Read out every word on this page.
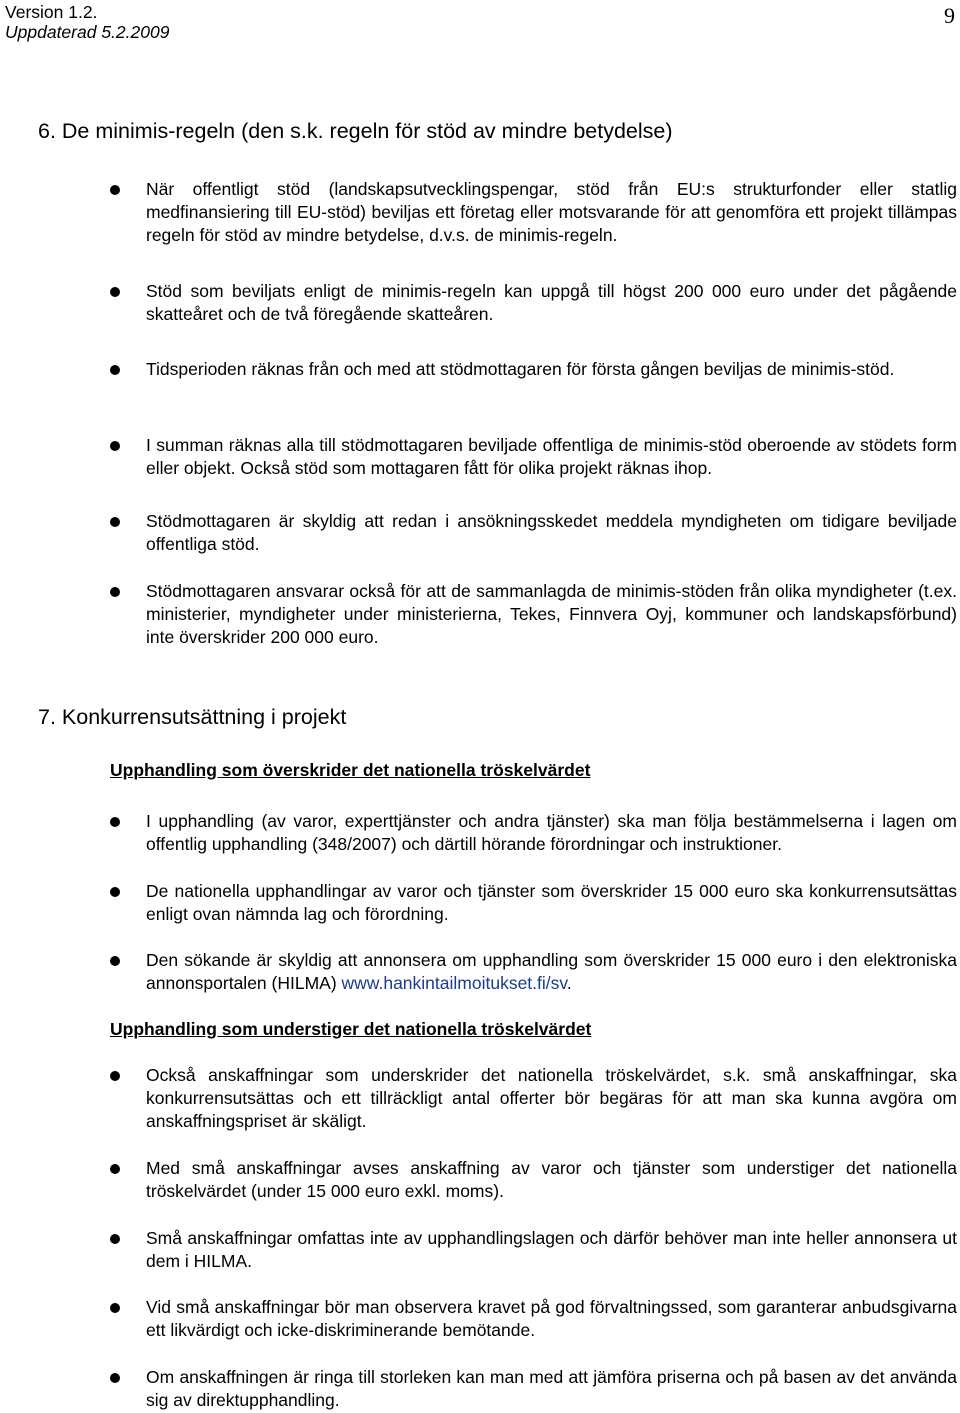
Version 1.2.
Uppdaterad 5.2.2009
9
6. De minimis-regeln (den s.k. regeln för stöd av mindre betydelse)
När offentligt stöd (landskapsutvecklingspengar, stöd från EU:s strukturfonder eller statlig medfinansiering till EU-stöd) beviljas ett företag eller motsvarande för att genomföra ett projekt tillämpas regeln för stöd av mindre betydelse, d.v.s. de minimis-regeln.
Stöd som beviljats enligt de minimis-regeln kan uppgå till högst 200 000 euro under det pågående skatteåret och de två föregående skatteåren.
Tidsperioden räknas från och med att stödmottagaren för första gången beviljas de minimis-stöd.
I summan räknas alla till stödmottagaren beviljade offentliga de minimis-stöd oberoende av stödets form eller objekt. Också stöd som mottagaren fått för olika projekt räknas ihop.
Stödmottagaren är skyldig att redan i ansökningsskedet meddela myndigheten om tidigare beviljade offentliga stöd.
Stödmottagaren ansvarar också för att de sammanlagda de minimis-stöden från olika myndigheter (t.ex. ministerier, myndigheter under ministerierna, Tekes, Finnvera Oyj, kommuner och landskapsförbund) inte överskrider 200 000 euro.
7. Konkurrensutsättning i projekt
Upphandling som överskrider det nationella tröskelvärdet
I upphandling (av varor, experttjänster och andra tjänster) ska man följa bestämmelserna i lagen om offentlig upphandling (348/2007) och därtill hörande förordningar och instruktioner.
De nationella upphandlingar av varor och tjänster som överskrider 15 000 euro ska konkurrensutsättas enligt ovan nämnda lag och förordning.
Den sökande är skyldig att annonsera om upphandling som överskrider 15 000 euro i den elektroniska annonsportalen (HILMA) www.hankintailmoitukset.fi/sv.
Upphandling som understiger det nationella tröskelvärdet
Också anskaffningar som underskrider det nationella tröskelvärdet, s.k. små anskaffningar, ska konkurrensutsättas och ett tillräckligt antal offerter bör begäras för att man ska kunna avgöra om anskaffningspriset är skäligt.
Med små anskaffningar avses anskaffning av varor och tjänster som understiger det nationella tröskelvärdet (under 15 000 euro exkl. moms).
Små anskaffningar omfattas inte av upphandlingslagen och därför behöver man inte heller annonsera ut dem i HILMA.
Vid små anskaffningar bör man observera kravet på god förvaltningssed, som garanterar anbudsgivarna ett likvärdigt och icke-diskriminerande bemötande.
Om anskaffningen är ringa till storleken kan man med att jämföra priserna och på basen av det använda sig av direktupphandling.
